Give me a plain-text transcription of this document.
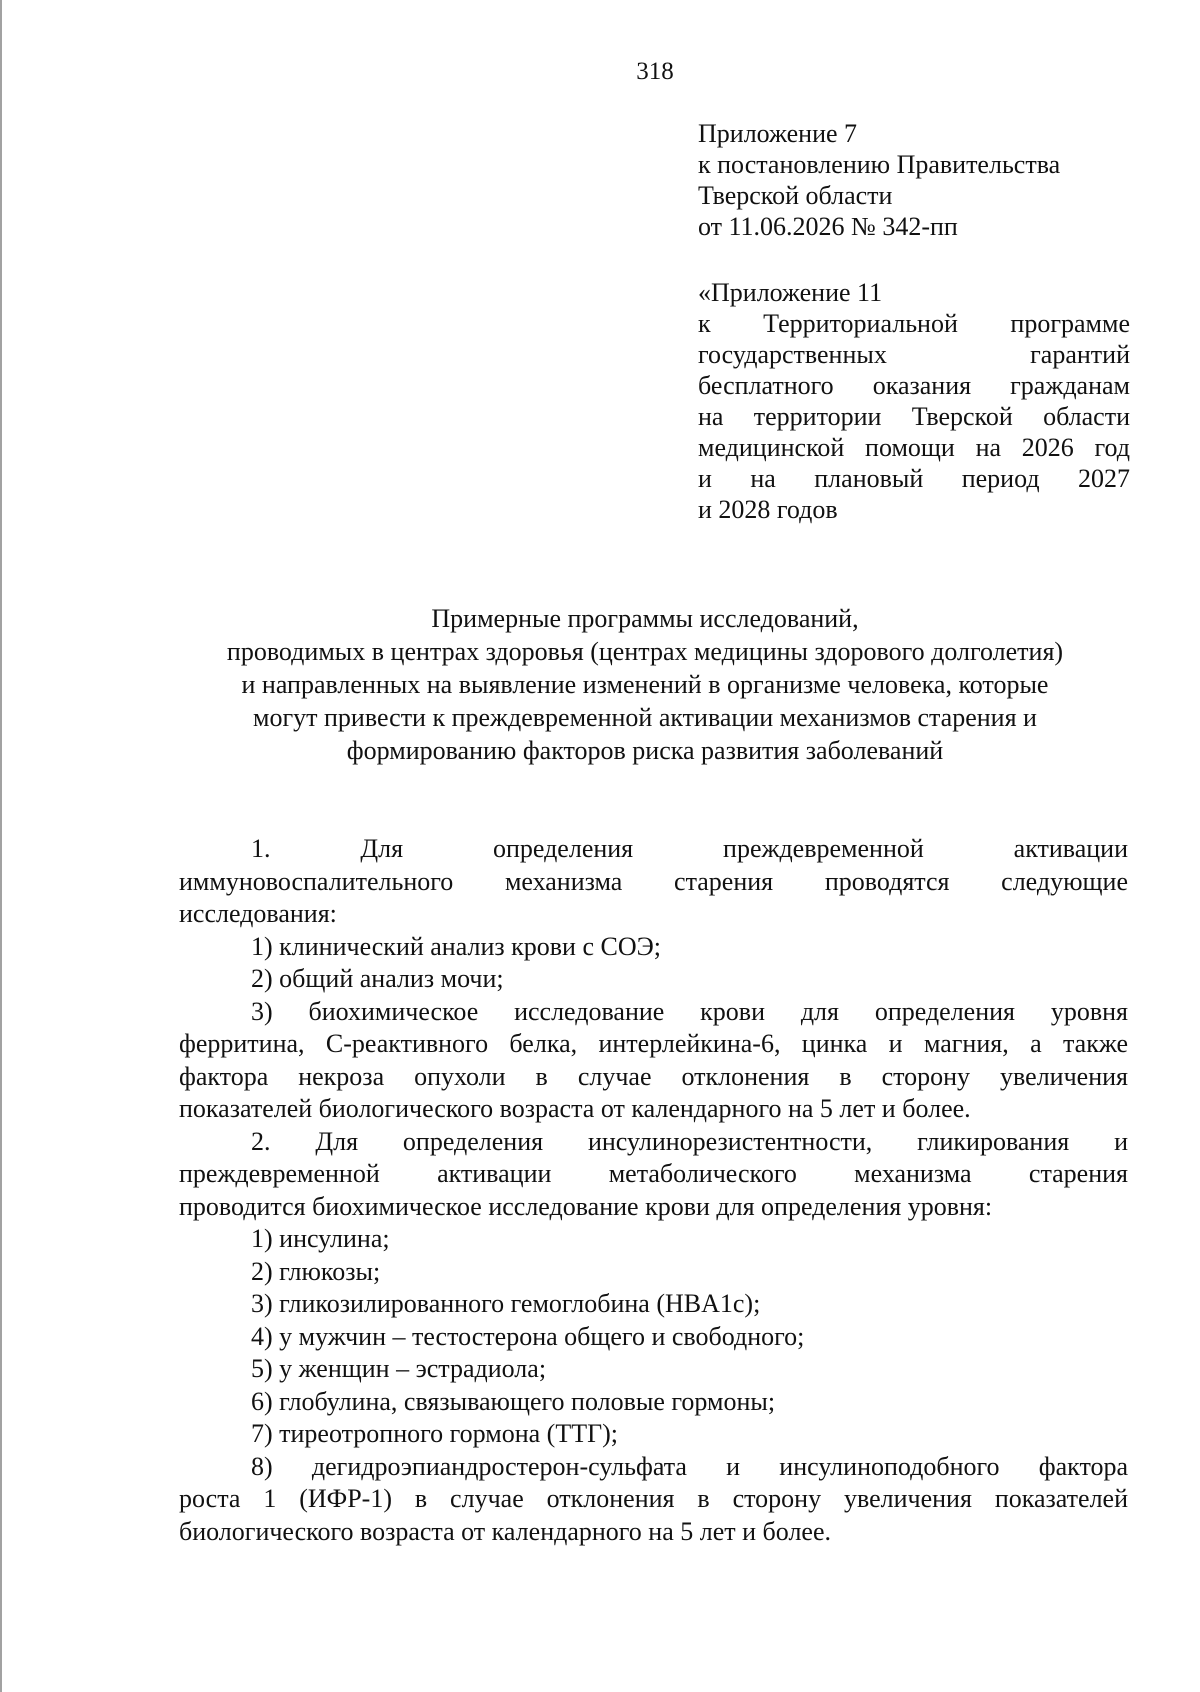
318
Приложение 7
к постановлению Правительства
Тверской области
от 11.06.2026 № 342-пп
«Приложение 11
к Территориальной программе
государственных гарантий
бесплатного оказания гражданам
на территории Тверской области
медицинской помощи на 2026 год
и на плановый период 2027
и 2028 годов
Примерные программы исследований,
проводимых в центрах здоровья (центрах медицины здорового долголетия)
и направленных на выявление изменений в организме человека, которые
могут привести к преждевременной активации механизмов старения и
формированию факторов риска развития заболеваний
1. Для определения преждевременной активации
иммуновоспалительного механизма старения проводятся следующие
исследования:
1) клинический анализ крови с СОЭ;
2) общий анализ мочи;
3) биохимическое исследование крови для определения уровня
ферритина, С-реактивного белка, интерлейкина-6, цинка и магния, а также
фактора некроза опухоли в случае отклонения в сторону увеличения
показателей биологического возраста от календарного на 5 лет и более.
2. Для определения инсулинорезистентности, гликирования и
преждевременной активации метаболического механизма старения
проводится биохимическое исследование крови для определения уровня:
1) инсулина;
2) глюкозы;
3) гликозилированного гемоглобина (HBA1c);
4) у мужчин – тестостерона общего и свободного;
5) у женщин – эстрадиола;
6) глобулина, связывающего половые гормоны;
7) тиреотропного гормона (ТТГ);
8) дегидроэпиандростерон-сульфата и инсулиноподобного фактора
роста 1 (ИФР-1) в случае отклонения в сторону увеличения показателей
биологического возраста от календарного на 5 лет и более.
